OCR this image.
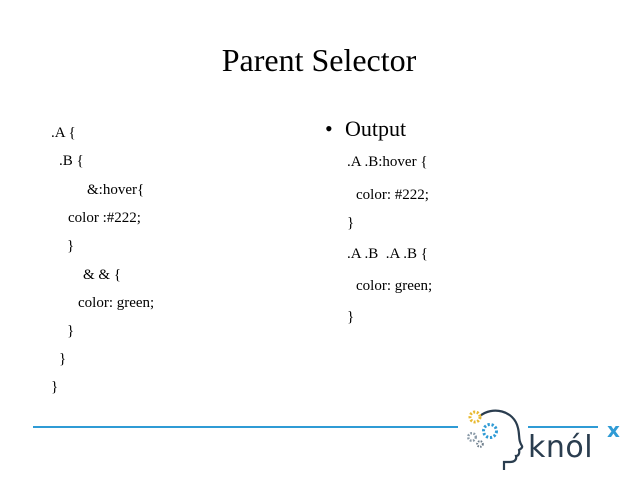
Parent Selector
.A {
.B {
&:hover{
color :#222;
}
& & {
color: green;
}
}
}
• Output
.A .B:hover {
color: #222;
}
.A .B  .A .B {
color: green;
}
knól x
